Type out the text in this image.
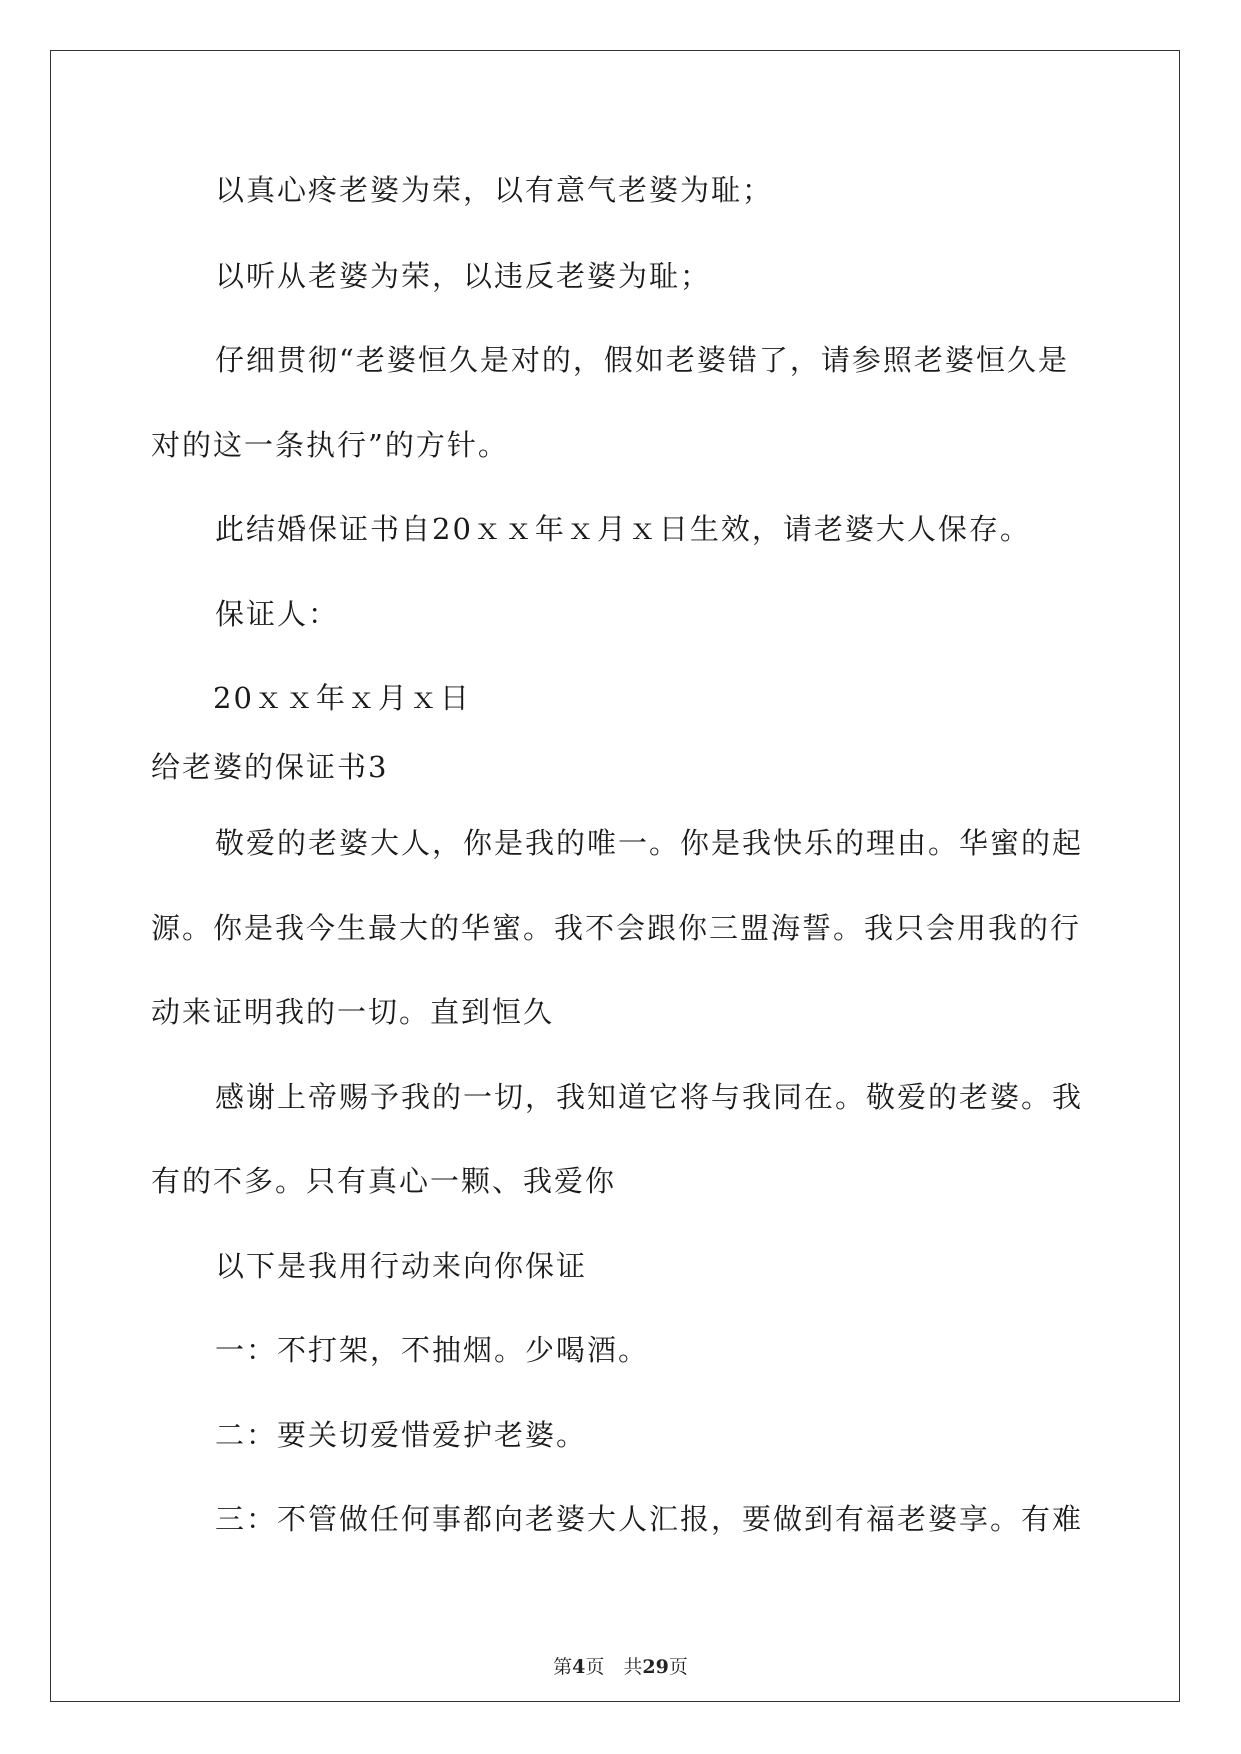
以真心疼老婆为荣，以有意气老婆为耻；
以听从老婆为荣，以违反老婆为耻；
仔细贯彻“老婆恒久是对的，假如老婆错了，请参照老婆恒久是
对的这一条执行”的方针。
此结婚保证书自20ｘｘ年ｘ月ｘ日生效，请老婆大人保存。
保证人：
20ｘｘ年ｘ月ｘ日
给老婆的保证书3
敬爱的老婆大人，你是我的唯一。你是我快乐的理由。华蜜的起
源。你是我今生最大的华蜜。我不会跟你三盟海誓。我只会用我的行
动来证明我的一切。直到恒久
感谢上帝赐予我的一切，我知道它将与我同在。敬爱的老婆。我
有的不多。只有真心一颗、我爱你
以下是我用行动来向你保证
一：不打架，不抽烟。少喝酒。
二：要关切爱惜爱护老婆。
三：不管做任何事都向老婆大人汇报，要做到有福老婆享。有难
第4页　共29页
